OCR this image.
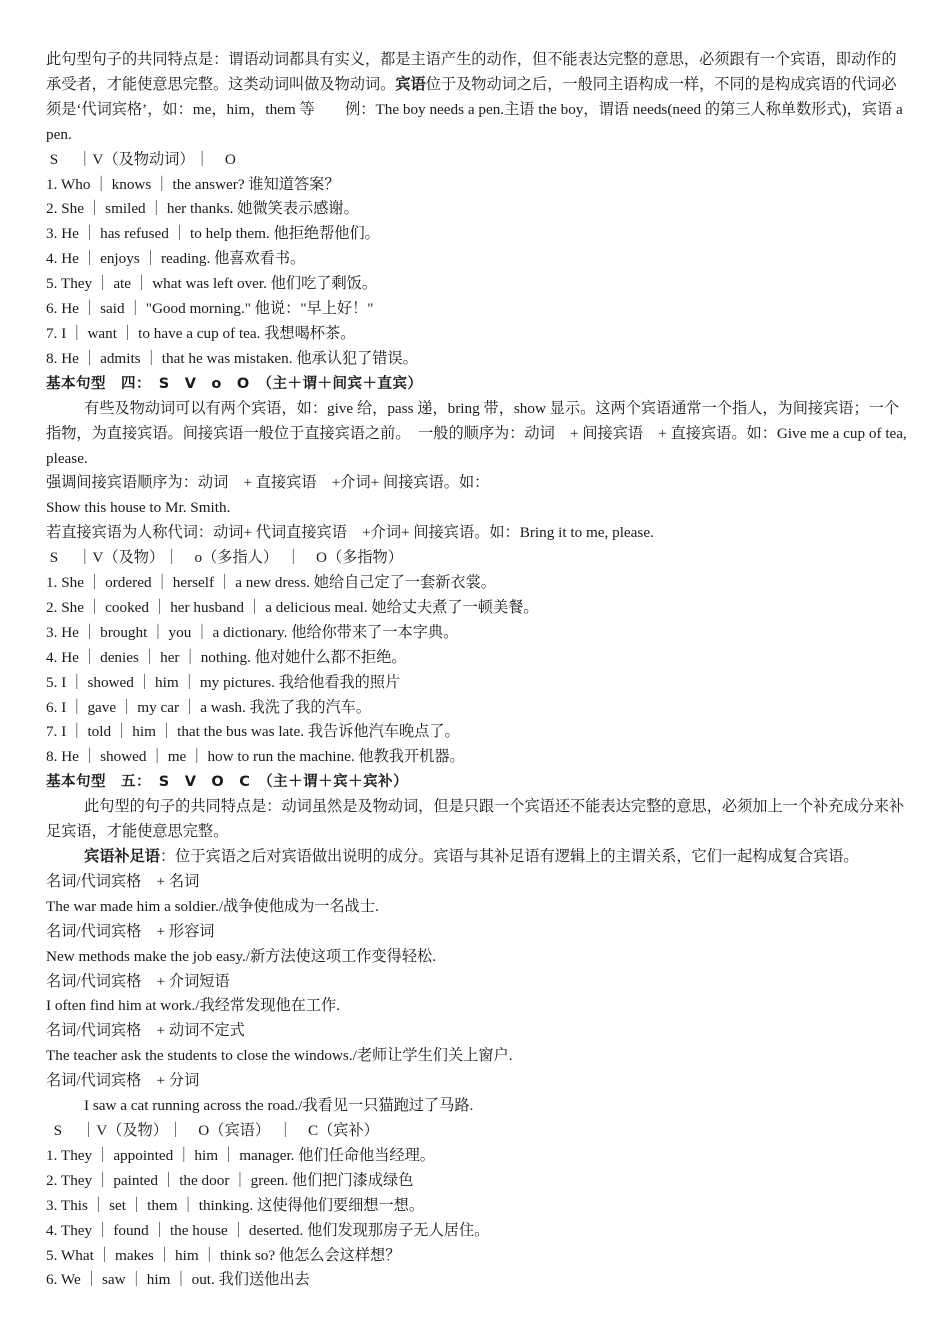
此句型句子的共同特点是：谓语动词都具有实义，都是主语产生的动作，但不能表达完整的意思，必须跟有一个宾语，即动作的承受者，才能使意思完整。这类动词叫做及物动词。宾语位于及物动词之后，一般同主语构成一样，不同的是构成宾语的代词必须是‘代词宾格’，如：me，him，them 等　　例：The boy needs a pen.主语 the boy，谓语 needs(need 的第三人称单数形式)，宾语 a pen.

S 　｜V（及物动词）｜　O

1. Who ｜ knows ｜ the answer? 谁知道答案？

2. She ｜ smiled ｜ her thanks. 她微笑表示感谢。

3. He ｜ has refused ｜ to help them. 他拒绝帮他们。

4. He ｜ enjoys ｜ reading. 他喜欢看书。

5. They ｜ ate ｜ what was left over. 他们吃了剩饭。

6. He ｜ said ｜ "Good morning." 他说："早上好！"

7. I ｜ want ｜ to have a cup of tea. 我想喝杯茶。

8. He ｜ admits ｜ that he was mistaken. 他承认犯了错误。

基本句型　四：　S　V　o　O　（主＋谓＋间宾＋直宾）

有些及物动词可以有两个宾语，如：give 给，pass 递，bring 带，show 显示。这两个宾语通常一个指人，为间接宾语；一个指物，为直接宾语。间接宾语一般位于直接宾语之前。　一般的顺序为：动词　+ 间接宾语　+ 直接宾语。如：Give me a cup of tea, please.

强调间接宾语顺序为：动词　+ 直接宾语　+介词+ 间接宾语。如：

Show this house to Mr. Smith.

若直接宾语为人称代词：动词+ 代词直接宾语　+介词+ 间接宾语。如：Bring it to me, please.

S 　｜V（及物）｜　o（多指人）　｜　O（多指物）

1. She ｜ ordered ｜ herself ｜ a new dress. 她给自己定了一套新衣裳。

2. She ｜ cooked ｜ her husband ｜ a delicious meal. 她给丈夫煮了一顿美餐。

3. He ｜ brought ｜ you ｜ a dictionary. 他给你带来了一本字典。

4. He ｜ denies ｜ her ｜ nothing. 他对她什么都不拒绝。

5. I ｜ showed ｜ him ｜ my pictures. 我给他看我的照片

6. I ｜ gave ｜ my car ｜ a wash. 我洗了我的汽车。

7. I ｜ told ｜ him ｜ that the bus was late. 我告诉他汽车晚点了。

8. He ｜ showed ｜ me ｜ how to run the machine. 他教我开机器。

基本句型　五：　S　V　O　C　（主＋谓＋宾＋宾补）

此句型的句子的共同特点是：动词虽然是及物动词，但是只跟一个宾语还不能表达完整的意思，必须加上一个补充成分来补足宾语，才能使意思完整。

宾语补足语：位于宾语之后对宾语做出说明的成分。宾语与其补足语有逻辑上的主谓关系，它们一起构成复合宾语。

名词/代词宾格　+ 名词

The war made him a soldier./战争使他成为一名战士.

名词/代词宾格　+ 形容词

New methods make the job easy./新方法使这项工作变得轻松.

名词/代词宾格　+ 介词短语

I often find him at work./我经常发现他在工作.

名词/代词宾格　+ 动词不定式

The teacher ask the students to close the windows./老师让学生们关上窗户.

名词/代词宾格　+ 分词

I saw a cat running across the road./我看见一只猫跑过了马路.

S 　｜V（及物）｜　O（宾语）　｜　C（宾补）

1. They ｜ appointed ｜ him ｜ manager. 他们任命他当经理。

2. They ｜ painted ｜ the door ｜ green. 他们把门漆成绿色

3. This ｜ set ｜ them ｜ thinking. 这使得他们要细想一想。

4. They ｜ found ｜ the house ｜ deserted. 他们发现那房子无人居住。

5. What ｜ makes ｜ him ｜ think so? 他怎么会这样想？

6. We ｜ saw ｜ him ｜ out. 我们送他出去
